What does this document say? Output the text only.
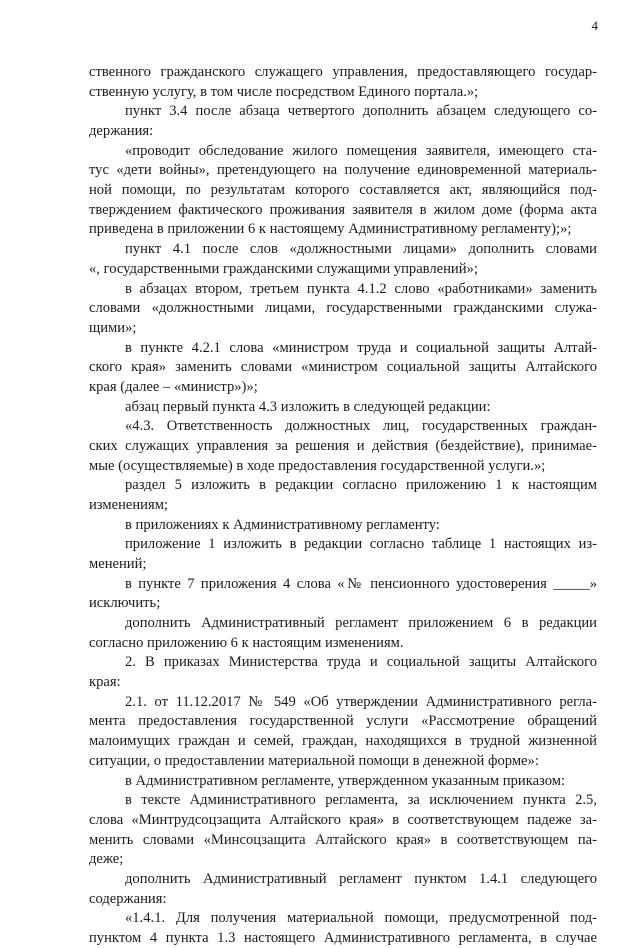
4
ственного гражданского служащего управления, предоставляющего государ-
ственную услугу, в том числе посредством Единого портала.»;
пункт 3.4 после абзаца четвертого дополнить абзацем следующего со-
держания:
«проводит обследование жилого помещения заявителя, имеющего ста-
тус «дети войны», претендующего на получение единовременной материаль-
ной помощи, по результатам которого составляется акт, являющийся под-
тверждением фактического проживания заявителя в жилом доме (форма акта
приведена в приложении 6 к настоящему Административному регламенту);»;
пункт 4.1 после слов «должностными лицами» дополнить словами
«, государственными гражданскими служащими управлений»;
в абзацах втором, третьем пункта 4.1.2 слово «работниками» заменить
словами «должностными лицами, государственными гражданскими служа-
щими»;
в пункте 4.2.1 слова «министром труда и социальной защиты Алтай-
ского края» заменить словами «министром социальной защиты Алтайского
края (далее – «министр»)»;
абзац первый пункта 4.3 изложить в следующей редакции:
«4.3. Ответственность должностных лиц, государственных граждан-
ских служащих управления за решения и действия (бездействие), принимае-
мые (осуществляемые) в ходе предоставления государственной услуги.»;
раздел 5 изложить в редакции согласно приложению 1 к настоящим
изменениям;
в приложениях к Административному регламенту:
приложение 1 изложить в редакции согласно таблице 1 настоящих из-
менений;
в пункте 7 приложения 4 слова «№ пенсионного удостоверения _____»
исключить;
дополнить Административный регламент приложением 6 в редакции
согласно приложению 6 к настоящим изменениям.
2. В приказах Министерства труда и социальной защиты Алтайского
края:
2.1. от 11.12.2017 № 549 «Об утверждении Административного регла-
мента предоставления государственной услуги «Рассмотрение обращений
малоимущих граждан и семей, граждан, находящихся в трудной жизненной
ситуации, о предоставлении материальной помощи в денежной форме»:
в Административном регламенте, утвержденном указанным приказом:
в тексте Административного регламента, за исключением пункта 2.5,
слова «Минтрудсоцзащита Алтайского края» в соответствующем падеже за-
менить словами «Минсоцзащита Алтайского края» в соответствующем па-
деже;
дополнить Административный регламент пунктом 1.4.1 следующего
содержания:
«1.4.1. Для получения материальной помощи, предусмотренной под-
пунктом 4 пункта 1.3 настоящего Административного регламента, в случае
